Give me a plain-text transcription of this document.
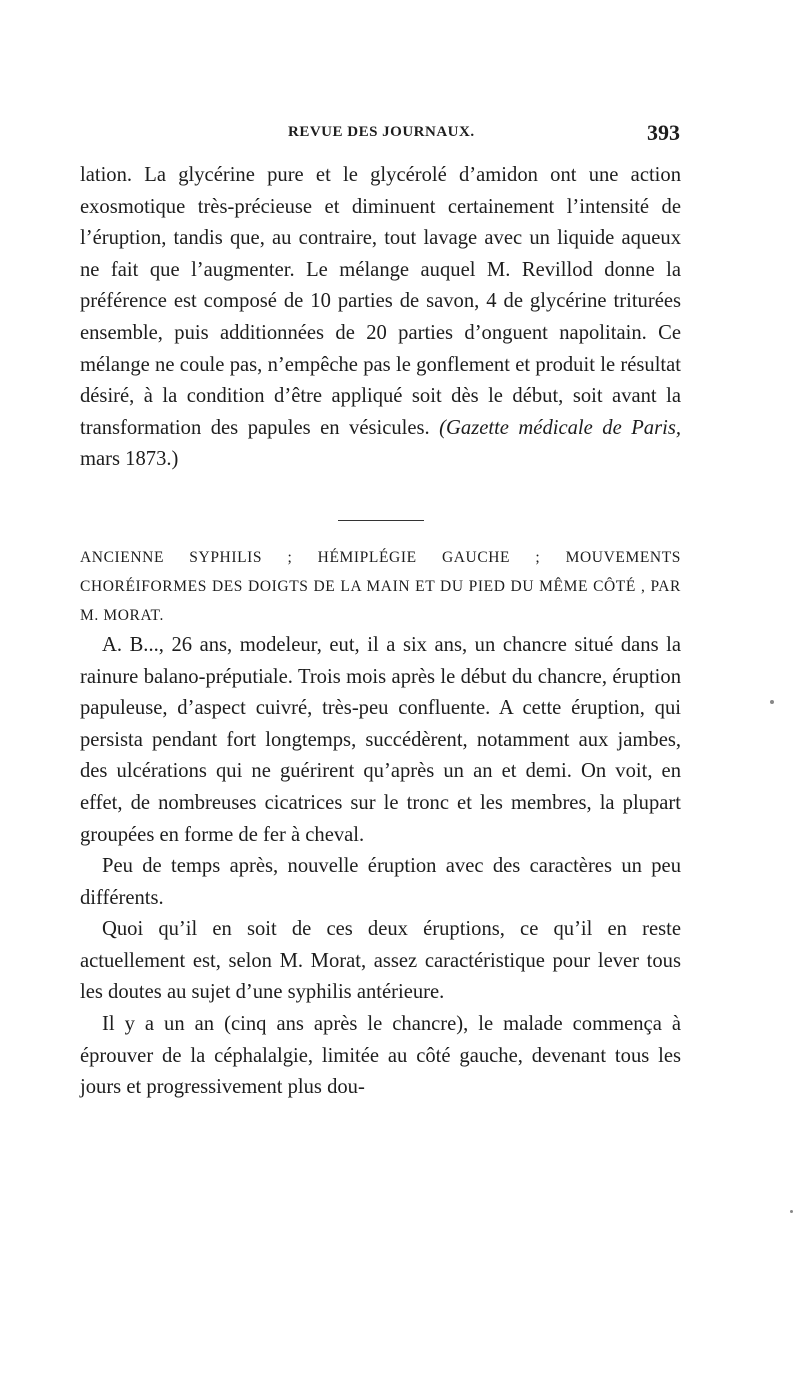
REVUE DES JOURNAUX.	393

lation. La glycérine pure et le glycérolé d’amidon ont une action exosmotique très-précieuse et diminuent certainement l’intensité de l’éruption, tandis que, au contraire, tout lavage avec un liquide aqueux ne fait que l’augmenter. Le mélange auquel M. Revillod donne la préférence est composé de 10 parties de savon, 4 de glycérine triturées ensemble, puis additionnées de 20 parties d’onguent napolitain. Ce mélange ne coule pas, n’empêche pas le gonflement et produit le résultat désiré, à la condition d’être appliqué soit dès le début, soit avant la transformation des papules en vésicules. (Gazette médicale de Paris, mars 1873.)

ANCIENNE SYPHILIS ; HÉMIPLÉGIE GAUCHE ; MOUVEMENTS CHORÉIFORMES DES DOIGTS DE LA MAIN ET DU PIED DU MÊME CÔTÉ , PAR M. MORAT.

A. B..., 26 ans, modeleur, eut, il a six ans, un chancre situé dans la rainure balano-préputiale. Trois mois après le début du chancre, éruption papuleuse, d’aspect cuivré, très-peu confluente. A cette éruption, qui persista pendant fort longtemps, succédèrent, notamment aux jambes, des ulcérations qui ne guérirent qu’après un an et demi. On voit, en effet, de nombreuses cicatrices sur le tronc et les membres, la plupart groupées en forme de fer à cheval.

Peu de temps après, nouvelle éruption avec des caractères un peu différents.

Quoi qu’il en soit de ces deux éruptions, ce qu’il en reste actuellement est, selon M. Morat, assez caractéristique pour lever tous les doutes au sujet d’une syphilis antérieure.

Il y a un an (cinq ans après le chancre), le malade commença à éprouver de la céphalalgie, limitée au côté gauche, devenant tous les jours et progressivement plus dou-
